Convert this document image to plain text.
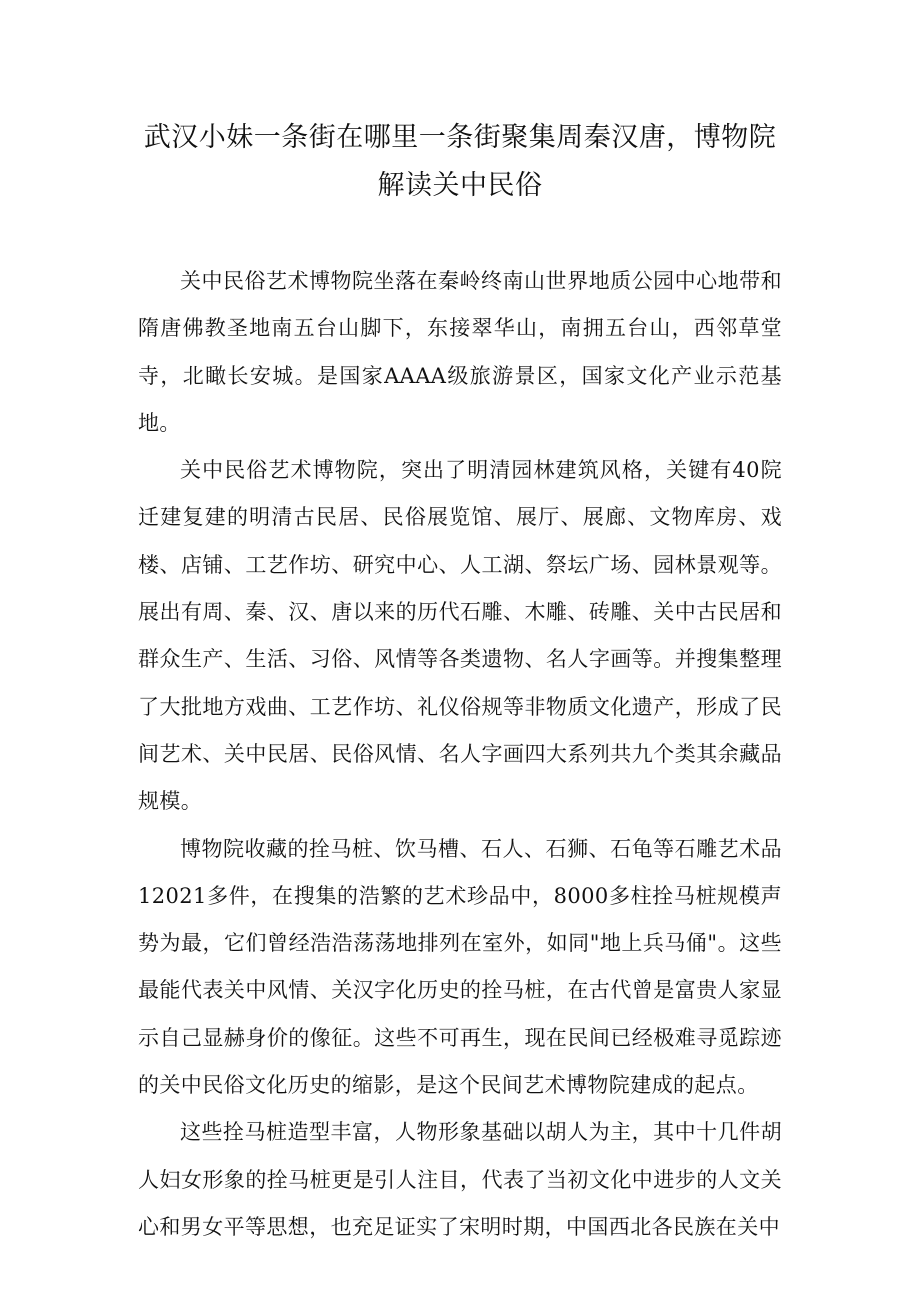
武汉小妹一条街在哪里一条街聚集周秦汉唐，博物院
解读关中民俗

关中民俗艺术博物院坐落在秦岭终南山世界地质公园中心地带和隋唐佛教圣地南五台山脚下，东接翠华山，南拥五台山，西邻草堂寺，北瞰长安城。是国家AAAA级旅游景区，国家文化产业示范基地。

关中民俗艺术博物院，突出了明清园林建筑风格，关键有40院迁建复建的明清古民居、民俗展览馆、展厅、展廊、文物库房、戏楼、店铺、工艺作坊、研究中心、人工湖、祭坛广场、园林景观等。展出有周、秦、汉、唐以来的历代石雕、木雕、砖雕、关中古民居和群众生产、生活、习俗、风情等各类遗物、名人字画等。并搜集整理了大批地方戏曲、工艺作坊、礼仪俗规等非物质文化遗产，形成了民间艺术、关中民居、民俗风情、名人字画四大系列共九个类其余藏品规模。

博物院收藏的拴马桩、饮马槽、石人、石狮、石龟等石雕艺术品12021多件，在搜集的浩繁的艺术珍品中，8000多柱拴马桩规模声势为最，它们曾经浩浩荡荡地排列在室外，如同"地上兵马俑"。这些最能代表关中风情、关汉字化历史的拴马桩，在古代曾是富贵人家显示自己显赫身价的像征。这些不可再生，现在民间已经极难寻觅踪迹的关中民俗文化历史的缩影，是这个民间艺术博物院建成的起点。

这些拴马桩造型丰富，人物形象基础以胡人为主，其中十几件胡人妇女形象的拴马桩更是引人注目，代表了当初文化中进步的人文关心和男女平等思想，也充足证实了宋明时期，中国西北各民族在关中
